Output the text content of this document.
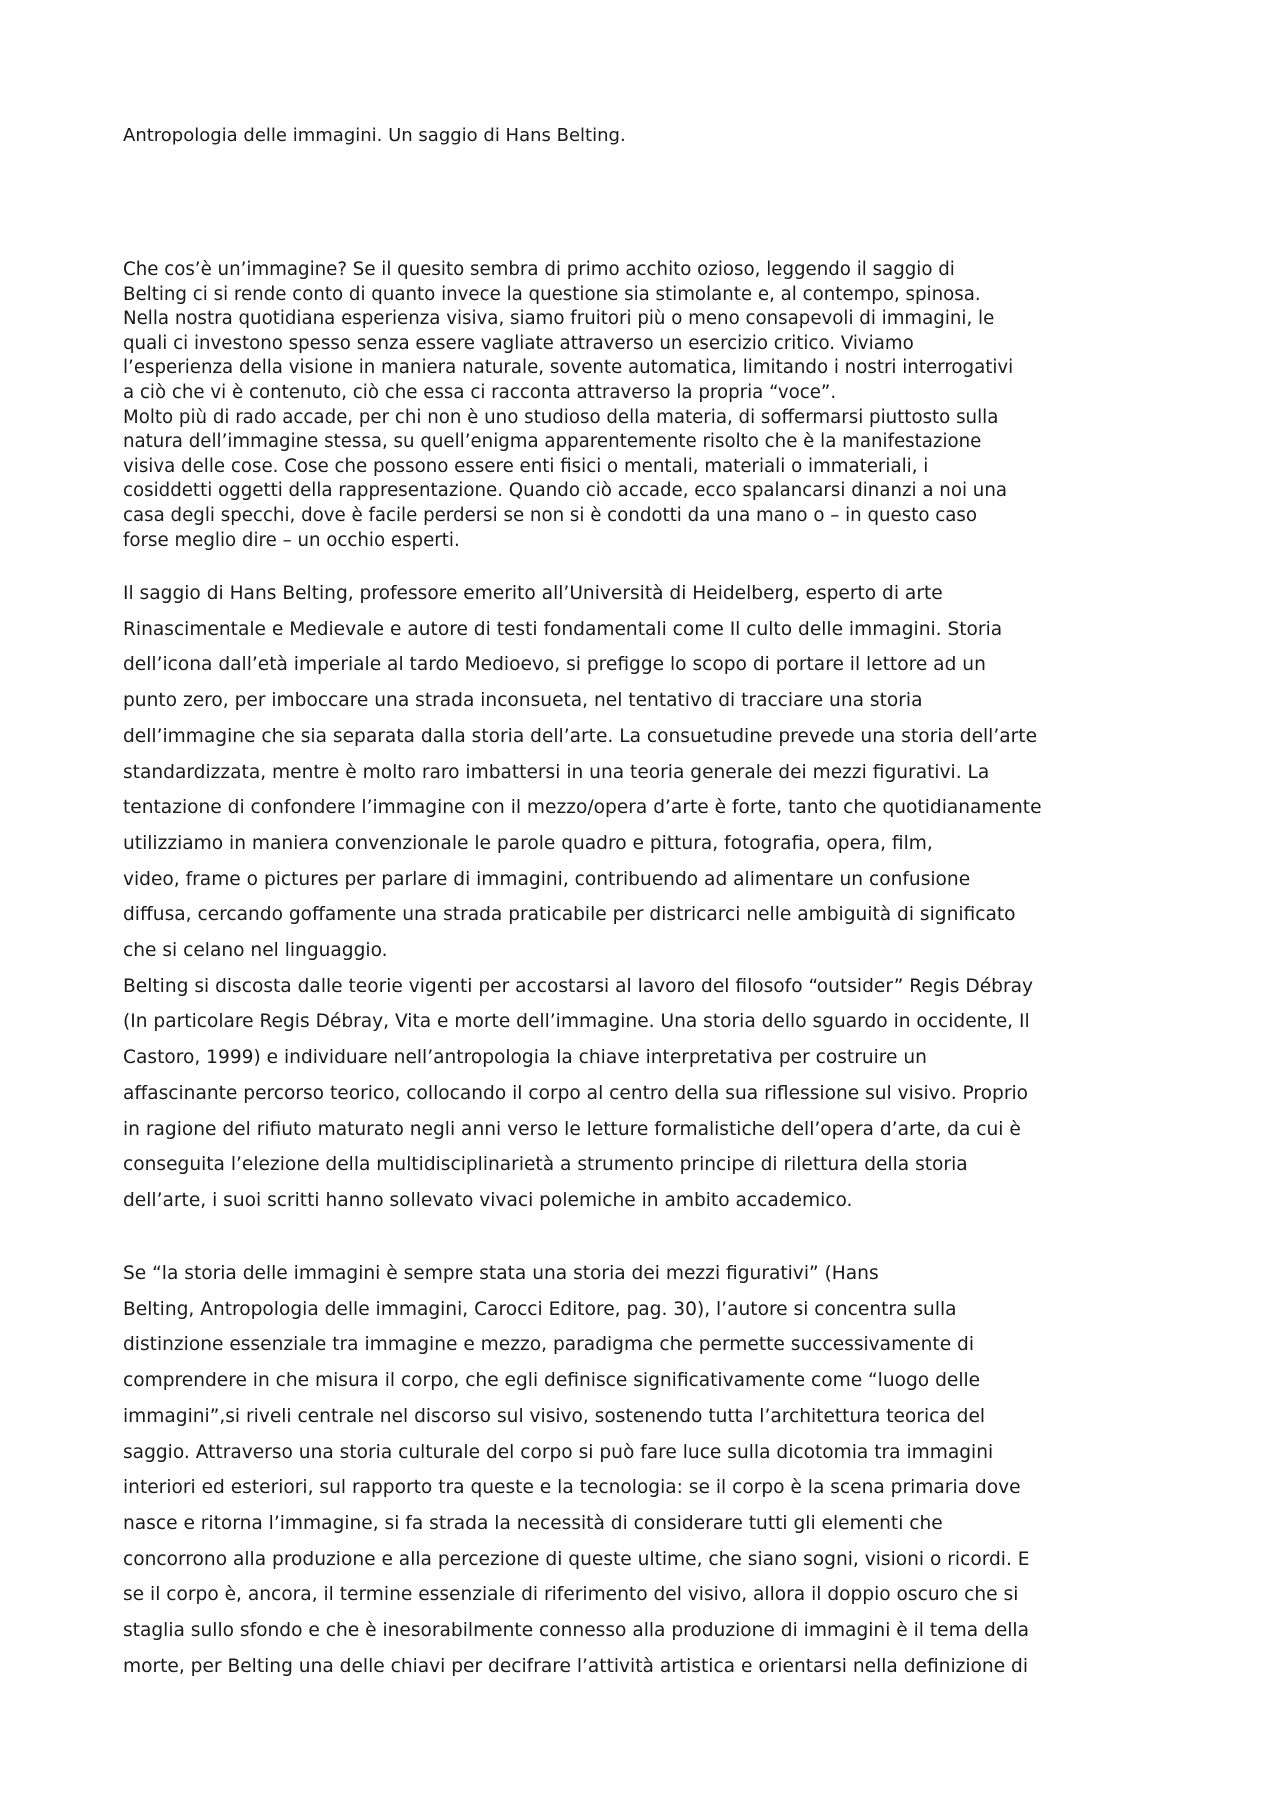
Antropologia delle immagini. Un saggio di Hans Belting.
Che cos’è un’immagine? Se il quesito sembra di primo acchito ozioso, leggendo il saggio di
Belting ci si rende conto di quanto invece la questione sia stimolante e, al contempo, spinosa.
Nella nostra quotidiana esperienza visiva, siamo fruitori più o meno consapevoli di immagini, le
quali ci investono spesso senza essere vagliate attraverso un esercizio critico. Viviamo
l’esperienza della visione in maniera naturale, sovente automatica, limitando i nostri interrogativi
a ciò che vi è contenuto, ciò che essa ci racconta attraverso la propria “voce”.
Molto più di rado accade, per chi non è uno studioso della materia, di soffermarsi piuttosto sulla
natura dell’immagine stessa, su quell’enigma apparentemente risolto che è la manifestazione
visiva delle cose. Cose che possono essere enti fisici o mentali, materiali o immateriali, i
cosiddetti oggetti della rappresentazione. Quando ciò accade, ecco spalancarsi dinanzi a noi una
casa degli specchi, dove è facile perdersi se non si è condotti da una mano o – in questo caso
forse meglio dire – un occhio esperti.
Il saggio di Hans Belting, professore emerito all’Università di Heidelberg, esperto di arte
Rinascimentale e Medievale e autore di testi fondamentali come Il culto delle immagini. Storia
dell’icona dall’età imperiale al tardo Medioevo, si prefigge lo scopo di portare il lettore ad un
punto zero, per imboccare una strada inconsueta, nel tentativo di tracciare una storia
dell’immagine che sia separata dalla storia dell’arte. La consuetudine prevede una storia dell’arte
standardizzata, mentre è molto raro imbattersi in una teoria generale dei mezzi figurativi. La
tentazione di confondere l’immagine con il mezzo/opera d’arte è forte, tanto che quotidianamente
utilizziamo in maniera convenzionale le parole quadro e pittura, fotografia, opera, film,
video, frame o pictures per parlare di immagini, contribuendo ad alimentare un confusione
diffusa, cercando goffamente una strada praticabile per districarci nelle ambiguità di significato
che si celano nel linguaggio.
Belting si discosta dalle teorie vigenti per accostarsi al lavoro del filosofo “outsider” Regis Débray
(In particolare Regis Débray, Vita e morte dell’immagine. Una storia dello sguardo in occidente, Il
Castoro, 1999) e individuare nell’antropologia la chiave interpretativa per costruire un
affascinante percorso teorico, collocando il corpo al centro della sua riflessione sul visivo. Proprio
in ragione del rifiuto maturato negli anni verso le letture formalistiche dell’opera d’arte, da cui è
conseguita l’elezione della multidisciplinarietà a strumento principe di rilettura della storia
dell’arte, i suoi scritti hanno sollevato vivaci polemiche in ambito accademico.
Se “la storia delle immagini è sempre stata una storia dei mezzi figurativi” (Hans
Belting, Antropologia delle immagini, Carocci Editore, pag. 30), l’autore si concentra sulla
distinzione essenziale tra immagine e mezzo, paradigma che permette successivamente di
comprendere in che misura il corpo, che egli definisce significativamente come “luogo delle
immagini”,si riveli centrale nel discorso sul visivo, sostenendo tutta l’architettura teorica del
saggio. Attraverso una storia culturale del corpo si può fare luce sulla dicotomia tra immagini
interiori ed esteriori, sul rapporto tra queste e la tecnologia: se il corpo è la scena primaria dove
nasce e ritorna l’immagine, si fa strada la necessità di considerare tutti gli elementi che
concorrono alla produzione e alla percezione di queste ultime, che siano sogni, visioni o ricordi. E
se il corpo è, ancora, il termine essenziale di riferimento del visivo, allora il doppio oscuro che si
staglia sullo sfondo e che è inesorabilmente connesso alla produzione di immagini è il tema della
morte, per Belting una delle chiavi per decifrare l’attività artistica e orientarsi nella definizione di
